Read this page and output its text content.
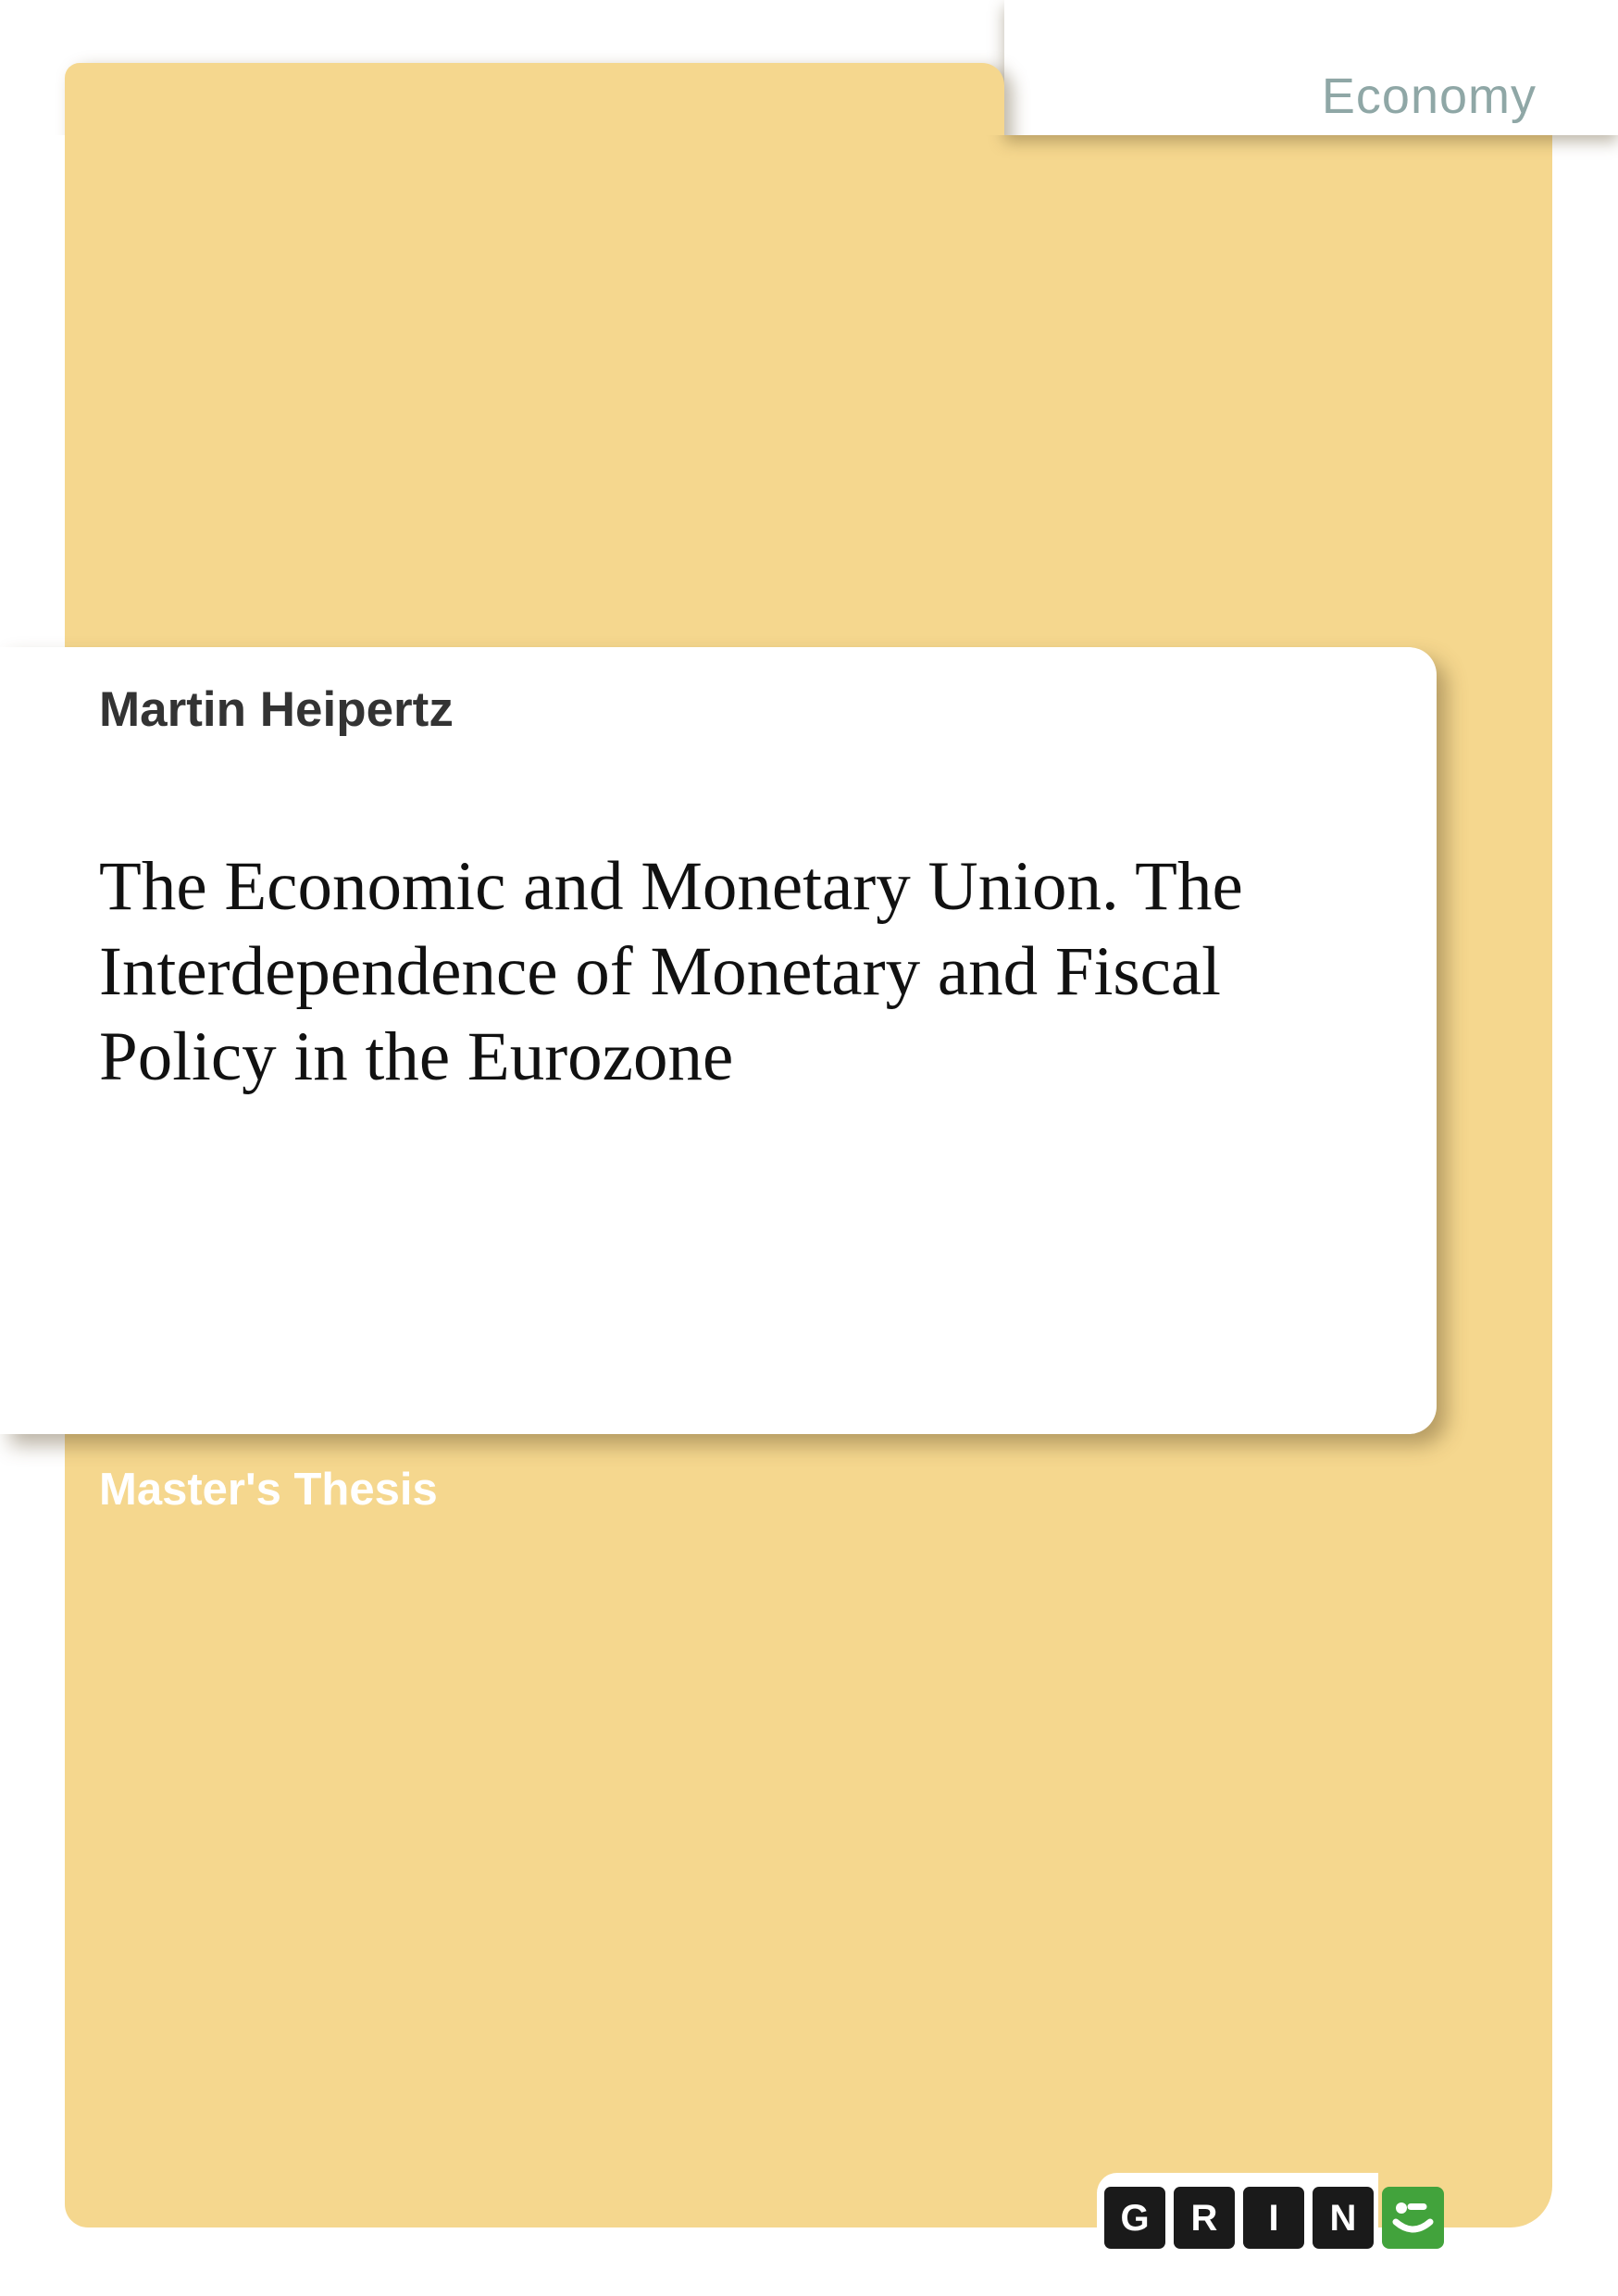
Economy
Martin Heipertz
The Economic and Monetary Union. The
Interdependence of Monetary and Fiscal
Policy in the Eurozone
Master's Thesis
G R I N
